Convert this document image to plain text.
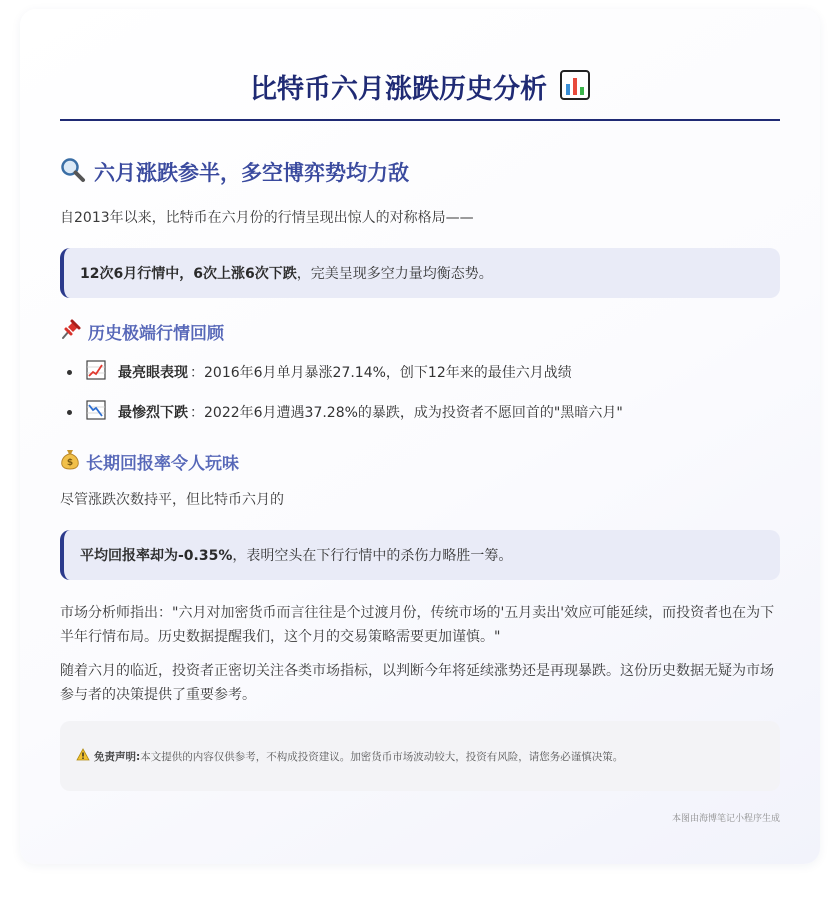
比特币六月涨跌历史分析
六月涨跌参半，多空博弈势均力敌
自2013年以来，比特币在六月份的行情呈现出惊人的对称格局——
12次6月行情中，6次上涨6次下跌 ，完美呈现多空力量均衡态势。
历史极端行情回顾
最亮眼表现 ：2016年6月单月暴涨27.14%，创下12年来的最佳六月战绩
最惨烈下跌 ：2022年6月遭遇37.28%的暴跌，成为投资者不愿回首的"黑暗六月"
$ 长期回报率令人玩味
尽管涨跌次数持平，但比特币六月的
平均回报率却为-0.35% ，表明空头在下行行情中的杀伤力略胜一筹。
市场分析师指出："六月对加密货币而言往往是个过渡月份，传统市场的'五月卖出'效应可能延续，而投资者也在为下半年行情布局。历史数据提醒我们，这个月的交易策略需要更加谨慎。"
随着六月的临近，投资者正密切关注各类市场指标，以判断今年将延续涨势还是再现暴跌。这份历史数据无疑为市场参与者的决策提供了重要参考。
免责声明: 本文提供的内容仅供参考，不构成投资建议。加密货币市场波动较大，投资有风险，请您务必谨慎决策。
本图由海博笔记小程序生成
